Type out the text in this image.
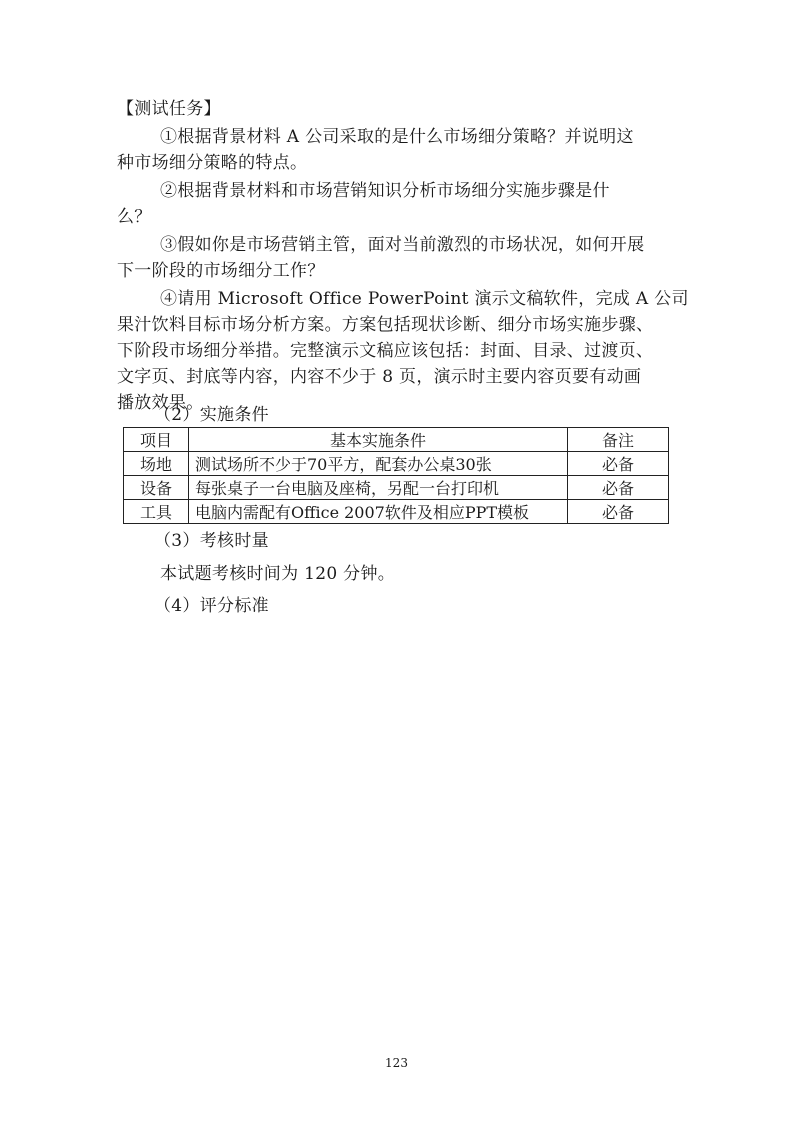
【测试任务】
①根据背景材料 A 公司采取的是什么市场细分策略？并说明这
种市场细分策略的特点。
②根据背景材料和市场营销知识分析市场细分实施步骤是什
么？
③假如你是市场营销主管，面对当前激烈的市场状况，如何开展
下一阶段的市场细分工作？
④请用 Microsoft Office PowerPoint 演示文稿软件，完成 A 公司
果汁饮料目标市场分析方案。方案包括现状诊断、细分市场实施步骤、
下阶段市场细分举措。完整演示文稿应该包括：封面、目录、过渡页、
文字页、封底等内容，内容不少于 8 页，演示时主要内容页要有动画
播放效果。
（2）实施条件
项目	基本实施条件	备注
场地	测试场所不少于70平方，配套办公桌30张	必备
设备	每张桌子一台电脑及座椅，另配一台打印机	必备
工具	电脑内需配有Office 2007软件及相应PPT模板	必备
（3）考核时量
本试题考核时间为 120 分钟。
（4）评分标准
123
